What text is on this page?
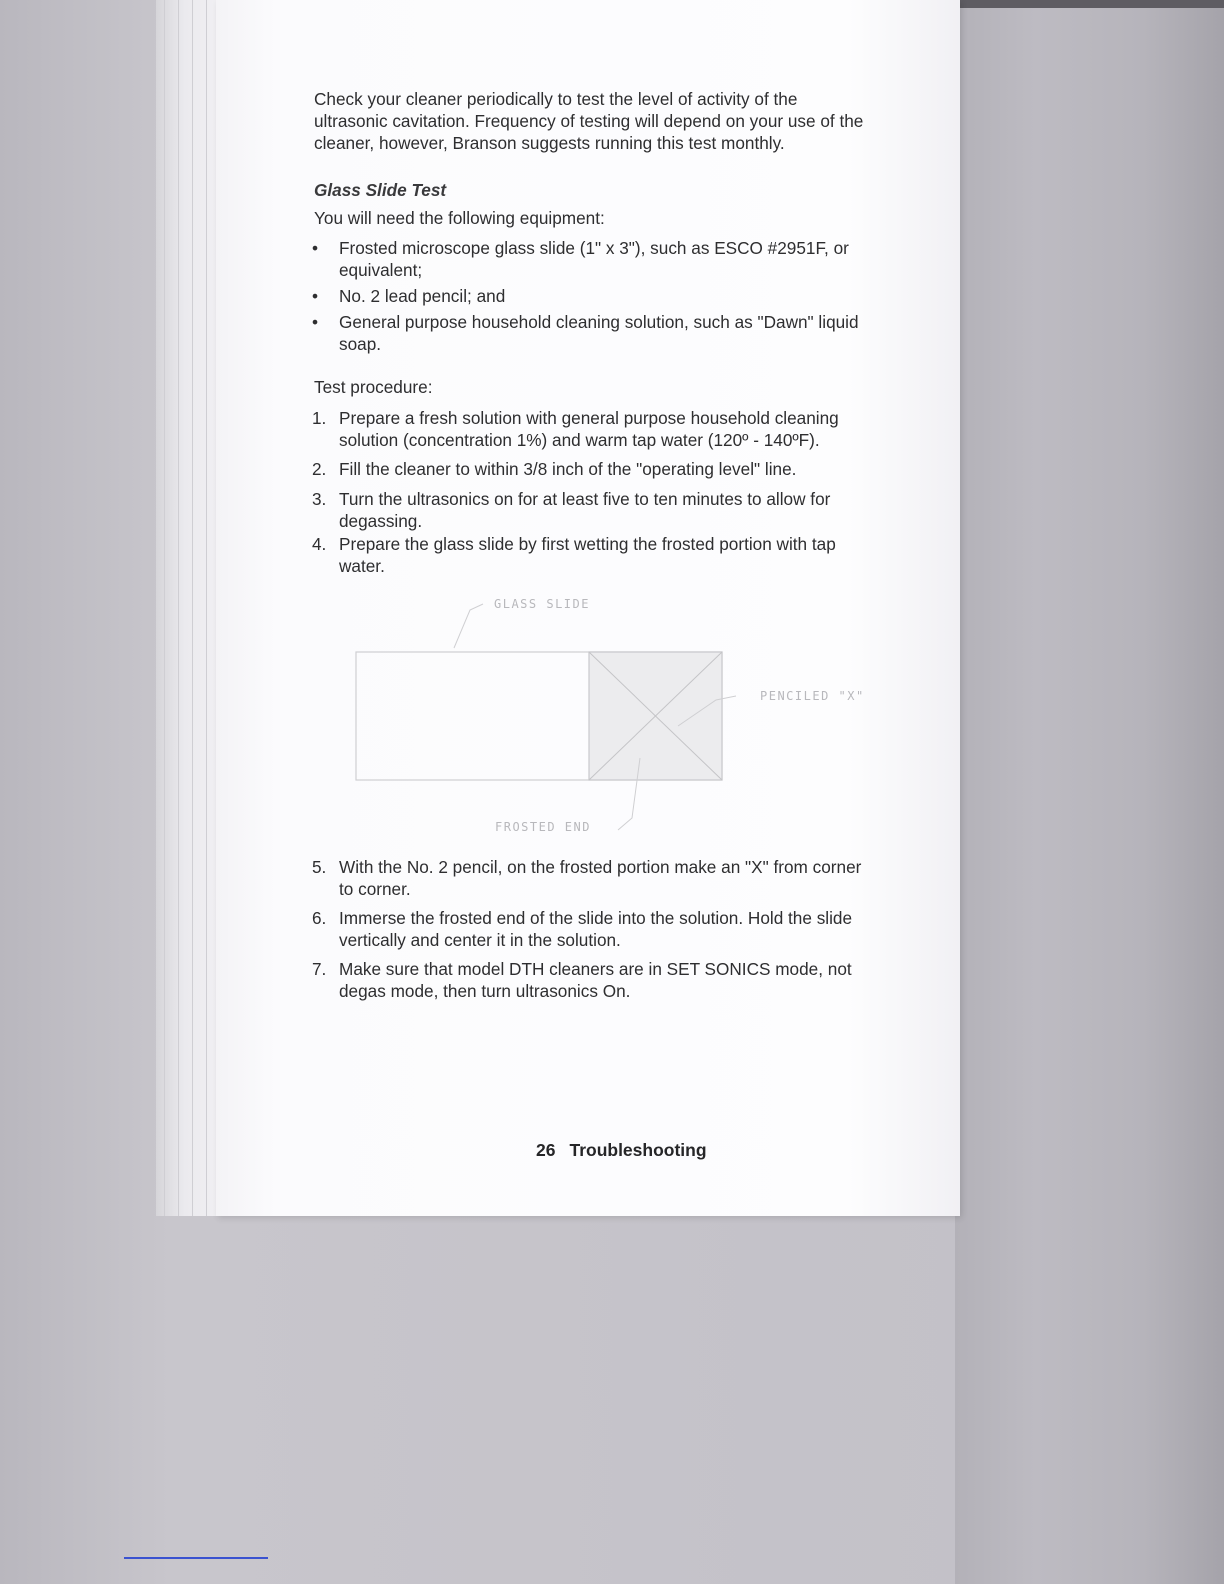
Check your cleaner periodically to test the level of activity of the
ultrasonic cavitation. Frequency of testing will depend on your use of the
cleaner, however, Branson suggests running this test monthly.
Glass Slide Test
You will need the following equipment:
• Frosted microscope glass slide (1" x 3"), such as ESCO #2951F, or
equivalent;
• No. 2 lead pencil; and
• General purpose household cleaning solution, such as "Dawn" liquid
soap.
Test procedure:
1. Prepare a fresh solution with general purpose household cleaning
solution (concentration 1%) and warm tap water (120º - 140ºF).
2. Fill the cleaner to within 3/8 inch of the "operating level" line.
3. Turn the ultrasonics on for at least five to ten minutes to allow for
degassing.
4. Prepare the glass slide by first wetting the frosted portion with tap
water.
GLASS SLIDE
PENCILED "X"
FROSTED END
5. With the No. 2 pencil, on the frosted portion make an "X" from corner
to corner.
6. Immerse the frosted end of the slide into the solution. Hold the slide
vertically and center it in the solution.
7. Make sure that model DTH cleaners are in SET SONICS mode, not
degas mode, then turn ultrasonics On.
26 Troubleshooting
